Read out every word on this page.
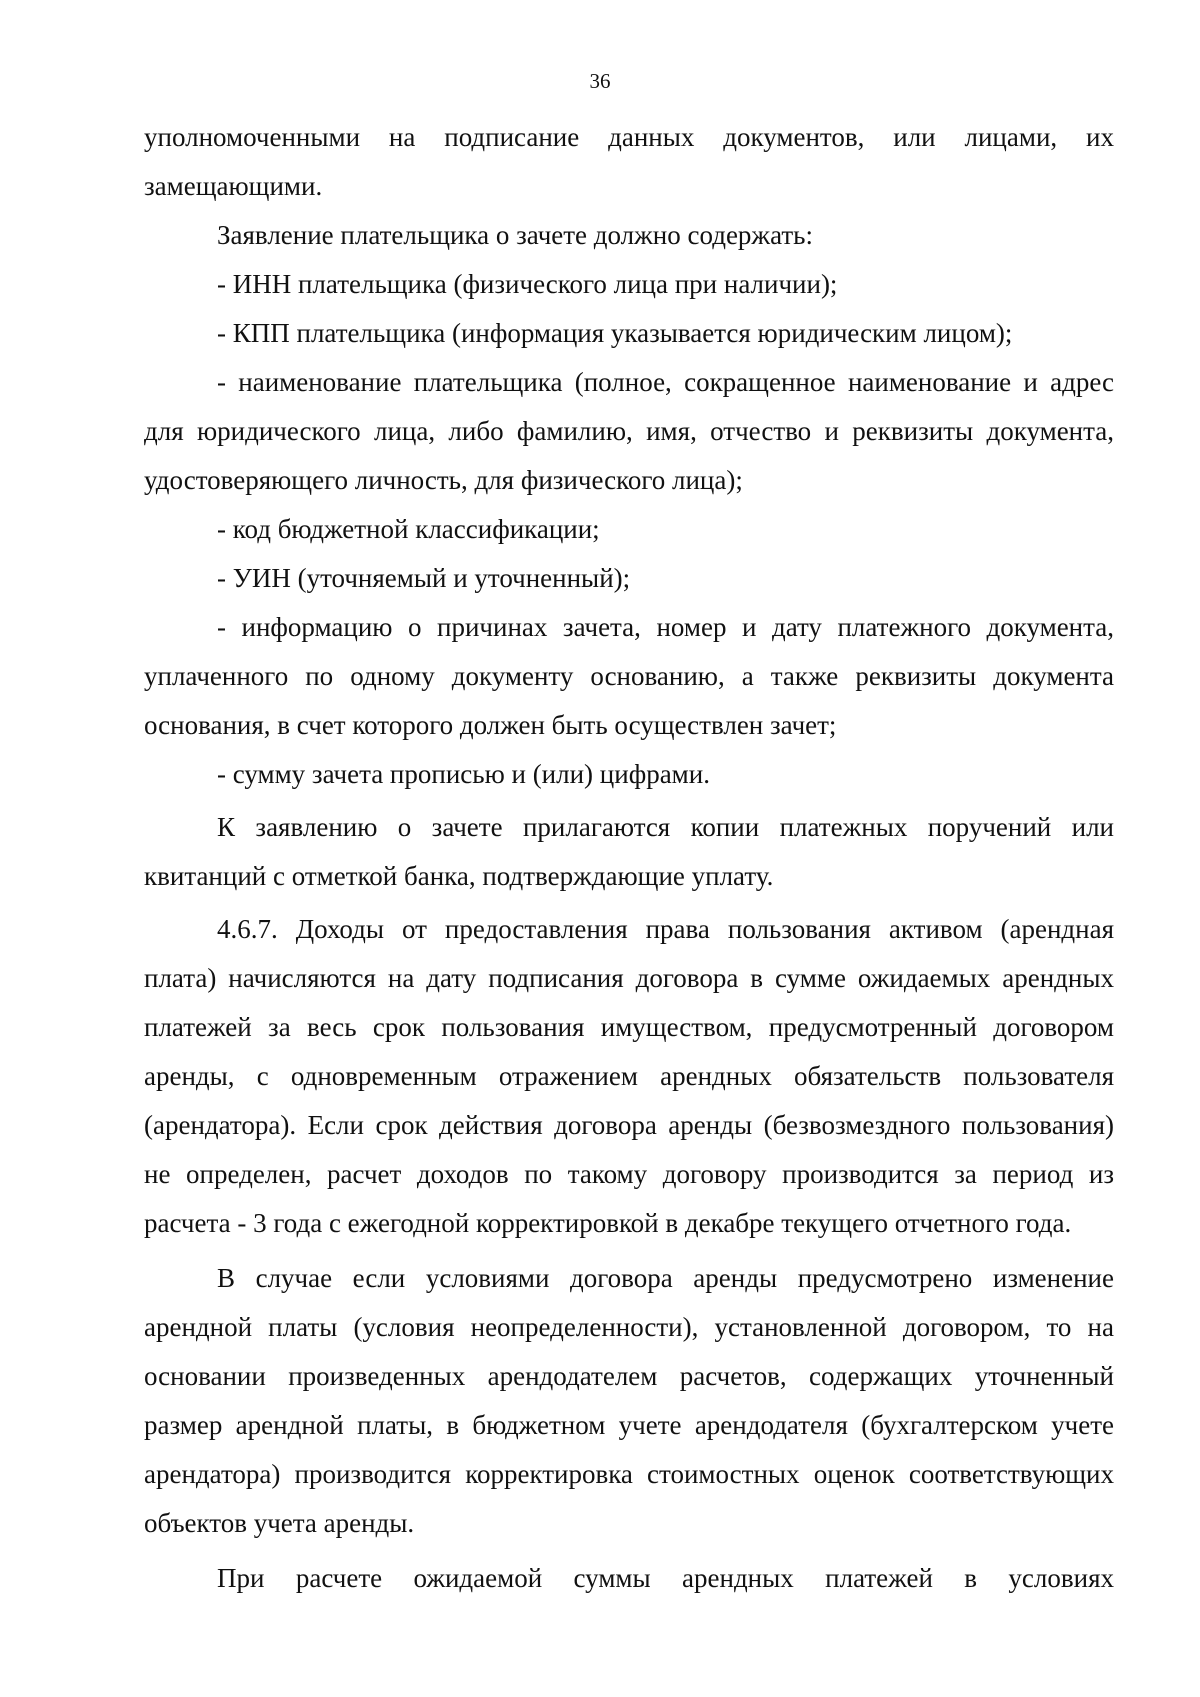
36

уполномоченными на подписание данных документов, или лицами, их замещающими.

Заявление плательщика о зачете должно содержать:

- ИНН плательщика (физического лица при наличии);

- КПП плательщика (информация указывается юридическим лицом);

- наименование плательщика (полное, сокращенное наименование и адрес для юридического лица, либо фамилию, имя, отчество и реквизиты документа, удостоверяющего личность, для физического лица);

- код бюджетной классификации;

- УИН (уточняемый и уточненный);

- информацию о причинах зачета, номер и дату платежного документа, уплаченного по одному документу основанию, а также реквизиты документа основания, в счет которого должен быть осуществлен зачет;

- сумму зачета прописью и (или) цифрами.

К заявлению о зачете прилагаются копии платежных поручений или квитанций с отметкой банка, подтверждающие уплату.

4.6.7. Доходы от предоставления права пользования активом (арендная плата) начисляются на дату подписания договора в сумме ожидаемых арендных платежей за весь срок пользования имуществом, предусмотренный договором аренды, с одновременным отражением арендных обязательств пользователя (арендатора). Если срок действия договора аренды (безвозмездного пользования) не определен, расчет доходов по такому договору производится за период из расчета - 3 года с ежегодной корректировкой в декабре текущего отчетного года.

В случае если условиями договора аренды предусмотрено изменение арендной платы (условия неопределенности), установленной договором, то на основании произведенных арендодателем расчетов, содержащих уточненный размер арендной платы, в бюджетном учете арендодателя (бухгалтерском учете арендатора) производится корректировка стоимостных оценок соответствующих объектов учета аренды.

При расчете ожидаемой суммы арендных платежей в условиях
